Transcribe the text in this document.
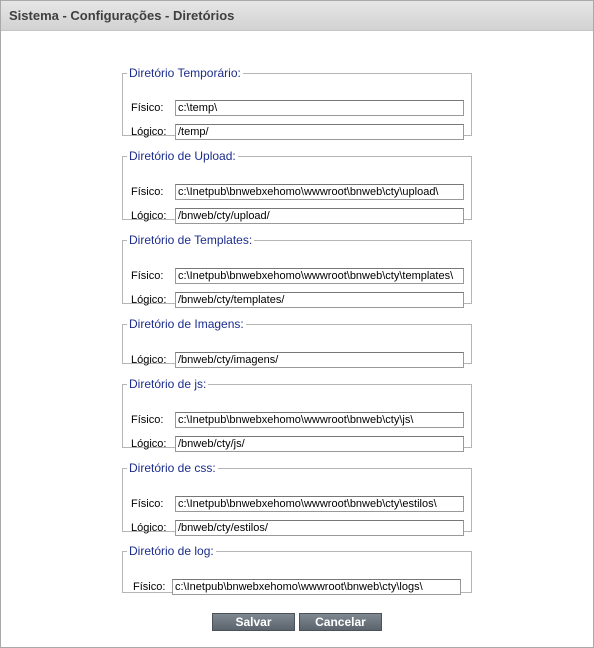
Sistema - Configurações - Diretórios
Diretório Temporário:
Físico: c:\temp\
Lógico: /temp/
Diretório de Upload:
Físico: c:\Inetpub\bnwebxehomo\wwwroot\bnweb\cty\upload\
Lógico: /bnweb/cty/upload/
Diretório de Templates:
Físico: c:\Inetpub\bnwebxehomo\wwwroot\bnweb\cty\templates\
Lógico: /bnweb/cty/templates/
Diretório de Imagens:
Lógico: /bnweb/cty/imagens/
Diretório de js:
Físico: c:\Inetpub\bnwebxehomo\wwwroot\bnweb\cty\js\
Lógico: /bnweb/cty/js/
Diretório de css:
Físico: c:\Inetpub\bnwebxehomo\wwwroot\bnweb\cty\estilos\
Lógico: /bnweb/cty/estilos/
Diretório de log:
Físico: c:\Inetpub\bnwebxehomo\wwwroot\bnweb\cty\logs\
Salvar	Cancelar
